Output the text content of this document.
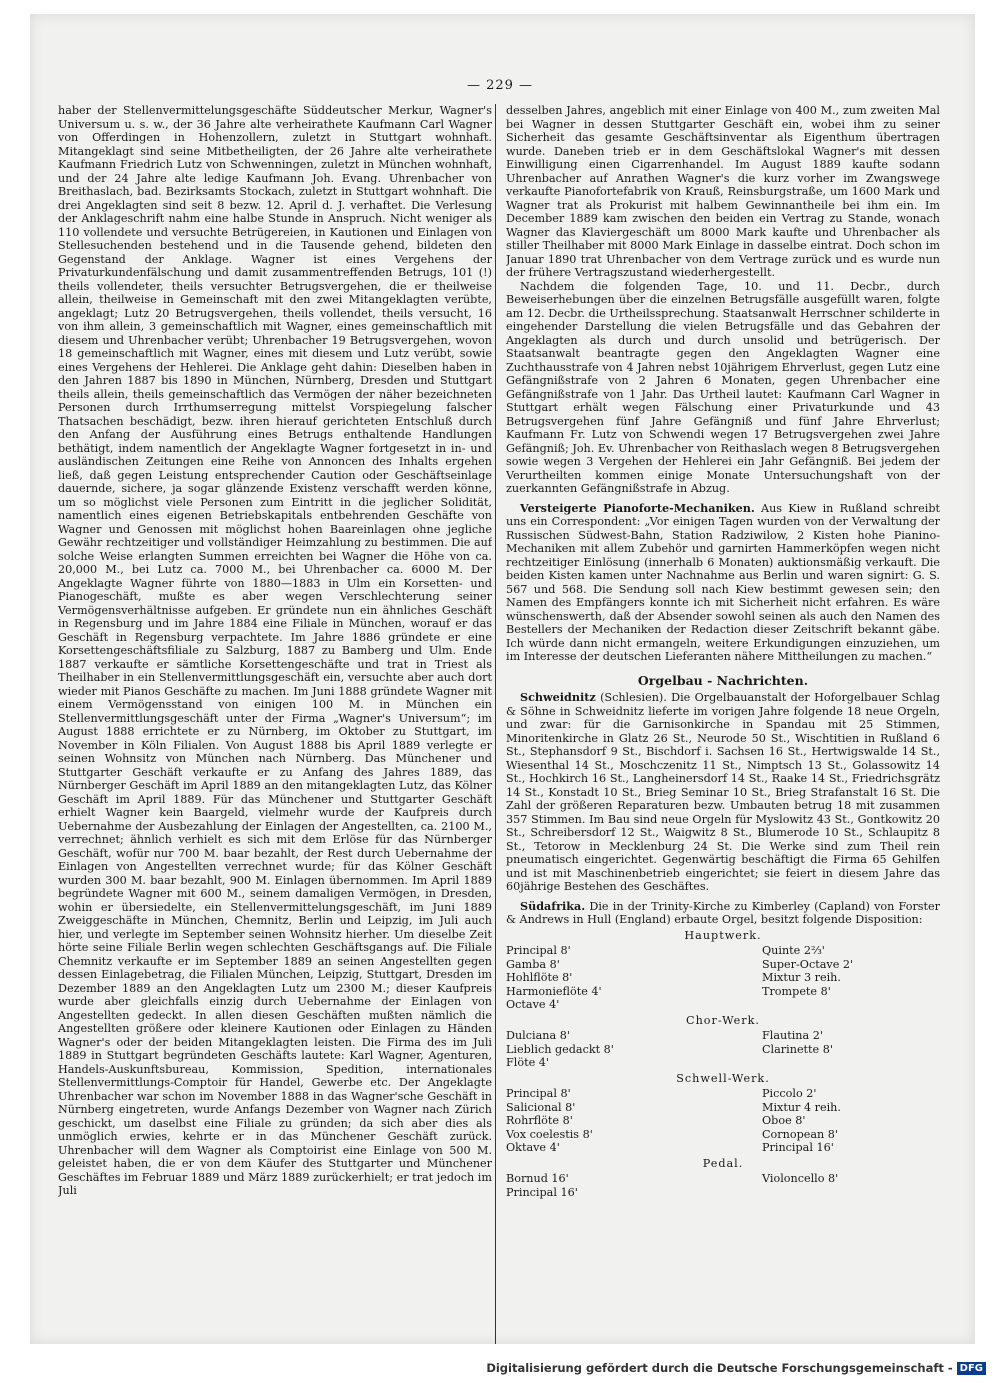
— 229 —

haber der Stellenvermittelungsgeschäfte Süddeutscher Merkur, Wagner's Universum u. s. w., der 36 Jahre alte verheirathete Kaufmann Carl Wagner von Offerdingen in Hohenzollern, zuletzt in Stuttgart wohnhaft. Mitangeklagt sind seine Mitbetheiligten, der 26 Jahre alte verheirathete Kaufmann Friedrich Lutz von Schwenningen, zuletzt in München wohnhaft, und der 24 Jahre alte ledige Kaufmann Joh. Evang. Uhrenbacher von Breithaslach, bad. Bezirksamts Stockach, zuletzt in Stuttgart wohnhaft. Die drei Angeklagten sind seit 8 bezw. 12. April d. J. verhaftet. Die Verlesung der Anklageschrift nahm eine halbe Stunde in Anspruch. Nicht weniger als 110 vollendete und versuchte Betrügereien, in Kautionen und Einlagen von Stellesuchenden bestehend und in die Tausende gehend, bildeten den Gegenstand der Anklage. Wagner ist eines Vergehens der Privaturkundenfälschung und damit zusammentreffenden Betrugs, 101 (!) theils vollendeter, theils versuchter Betrugsvergehen, die er theilweise allein, theilweise in Gemeinschaft mit den zwei Mitangeklagten verübte, angeklagt; Lutz 20 Betrugsvergehen, theils vollendet, theils versucht, 16 von ihm allein, 3 gemeinschaftlich mit Wagner, eines gemeinschaftlich mit diesem und Uhrenbacher verübt; Uhrenbacher 19 Betrugsvergehen, wovon 18 gemeinschaftlich mit Wagner, eines mit diesem und Lutz verübt, sowie eines Vergehens der Hehlerei. Die Anklage geht dahin: Dieselben haben in den Jahren 1887 bis 1890 in München, Nürnberg, Dresden und Stuttgart theils allein, theils gemeinschaftlich das Vermögen der näher bezeichneten Personen durch Irrthumserregung mittelst Vorspiegelung falscher Thatsachen beschädigt, bezw. ihren hierauf gerichteten Entschluß durch den Anfang der Ausführung eines Betrugs enthaltende Handlungen bethätigt, indem namentlich der Angeklagte Wagner fortgesetzt in in- und ausländischen Zeitungen eine Reihe von Annoncen des Inhalts ergehen ließ, daß gegen Leistung entsprechender Caution oder Geschäftseinlage dauernde, sichere, ja sogar glänzende Existenz verschafft werden könne, um so möglichst viele Personen zum Eintritt in die jeglicher Solidität, namentlich eines eigenen Betriebskapitals entbehrenden Geschäfte von Wagner und Genossen mit möglichst hohen Baareinlagen ohne jegliche Gewähr rechtzeitiger und vollständiger Heimzahlung zu bestimmen. Die auf solche Weise erlangten Summen erreichten bei Wagner die Höhe von ca. 20,000 M., bei Lutz ca. 7000 M., bei Uhrenbacher ca. 6000 M. Der Angeklagte Wagner führte von 1880—1883 in Ulm ein Korsetten- und Pianogeschäft, mußte es aber wegen Verschlechterung seiner Vermögensverhältnisse aufgeben. Er gründete nun ein ähnliches Geschäft in Regensburg und im Jahre 1884 eine Filiale in München, worauf er das Geschäft in Regensburg verpachtete. Im Jahre 1886 gründete er eine Korsettengeschäftsfiliale zu Salzburg, 1887 zu Bamberg und Ulm. Ende 1887 verkaufte er sämtliche Korsettengeschäfte und trat in Triest als Theilhaber in ein Stellenvermittlungsgeschäft ein, versuchte aber auch dort wieder mit Pianos Geschäfte zu machen. Im Juni 1888 gründete Wagner mit einem Vermögensstand von einigen 100 M. in München ein Stellenvermittlungsgeschäft unter der Firma „Wagner's Universum“; im August 1888 errichtete er zu Nürnberg, im Oktober zu Stuttgart, im November in Köln Filialen. Von August 1888 bis April 1889 verlegte er seinen Wohnsitz von München nach Nürnberg. Das Münchener und Stuttgarter Geschäft verkaufte er zu Anfang des Jahres 1889, das Nürnberger Geschäft im April 1889 an den mitangeklagten Lutz, das Kölner Geschäft im April 1889. Für das Münchener und Stuttgarter Geschäft erhielt Wagner kein Baargeld, vielmehr wurde der Kaufpreis durch Uebernahme der Ausbezahlung der Einlagen der Angestellten, ca. 2100 M., verrechnet; ähnlich verhielt es sich mit dem Erlöse für das Nürnberger Geschäft, wofür nur 700 M. baar bezahlt, der Rest durch Uebernahme der Einlagen von Angestellten verrechnet wurde; für das Kölner Geschäft wurden 300 M. baar bezahlt, 900 M. Einlagen übernommen. Im April 1889 begründete Wagner mit 600 M., seinem damaligen Vermögen, in Dresden, wohin er übersiedelte, ein Stellenvermittelungsgeschäft, im Juni 1889 Zweiggeschäfte in München, Chemnitz, Berlin und Leipzig, im Juli auch hier, und verlegte im September seinen Wohnsitz hierher. Um dieselbe Zeit hörte seine Filiale Berlin wegen schlechten Geschäftsgangs auf. Die Filiale Chemnitz verkaufte er im September 1889 an seinen Angestellten gegen dessen Einlagebetrag, die Filialen München, Leipzig, Stuttgart, Dresden im Dezember 1889 an den Angeklagten Lutz um 2300 M.; dieser Kaufpreis wurde aber gleichfalls einzig durch Uebernahme der Einlagen von Angestellten gedeckt. In allen diesen Geschäften mußten nämlich die Angestellten größere oder kleinere Kautionen oder Einlagen zu Händen Wagner's oder der beiden Mitangeklagten leisten. Die Firma des im Juli 1889 in Stuttgart begründeten Geschäfts lautete: Karl Wagner, Agenturen, Handels-Auskunftsbureau, Kommission, Spedition, internationales Stellenvermittlungs-Comptoir für Handel, Gewerbe etc. Der Angeklagte Uhrenbacher war schon im November 1888 in das Wagner'sche Geschäft in Nürnberg eingetreten, wurde Anfangs Dezember von Wagner nach Zürich geschickt, um daselbst eine Filiale zu gründen; da sich aber dies als unmöglich erwies, kehrte er in das Münchener Geschäft zurück. Uhrenbacher will dem Wagner als Comptoirist eine Einlage von 500 M. geleistet haben, die er von dem Käufer des Stuttgarter und Münchener Geschäftes im Februar 1889 und März 1889 zurückerhielt; er trat jedoch im Juli

desselben Jahres, angeblich mit einer Einlage von 400 M., zum zweiten Mal bei Wagner in dessen Stuttgarter Geschäft ein, wobei ihm zu seiner Sicherheit das gesamte Geschäftsinventar als Eigenthum übertragen wurde. Daneben trieb er in dem Geschäftslokal Wagner's mit dessen Einwilligung einen Cigarrenhandel. Im August 1889 kaufte sodann Uhrenbacher auf Anrathen Wagner's die kurz vorher im Zwangswege verkaufte Pianofortefabrik von Krauß, Reinsburgstraße, um 1600 Mark und Wagner trat als Prokurist mit halbem Gewinnantheile bei ihm ein. Im December 1889 kam zwischen den beiden ein Vertrag zu Stande, wonach Wagner das Klaviergeschäft um 8000 Mark kaufte und Uhrenbacher als stiller Theilhaber mit 8000 Mark Einlage in dasselbe eintrat. Doch schon im Januar 1890 trat Uhrenbacher von dem Vertrage zurück und es wurde nun der frühere Vertragszustand wiederhergestellt.

Nachdem die folgenden Tage, 10. und 11. Decbr., durch Beweiserhebungen über die einzelnen Betrugsfälle ausgefüllt waren, folgte am 12. Decbr. die Urtheilssprechung. Staatsanwalt Herrschner schilderte in eingehender Darstellung die vielen Betrugsfälle und das Gebahren der Angeklagten als durch und durch unsolid und betrügerisch. Der Staatsanwalt beantragte gegen den Angeklagten Wagner eine Zuchthausstrafe von 4 Jahren nebst 10jährigem Ehrverlust, gegen Lutz eine Gefängnißstrafe von 2 Jahren 6 Monaten, gegen Uhrenbacher eine Gefängnißstrafe von 1 Jahr. Das Urtheil lautet: Kaufmann Carl Wagner in Stuttgart erhält wegen Fälschung einer Privaturkunde und 43 Betrugsvergehen fünf Jahre Gefängniß und fünf Jahre Ehrverlust; Kaufmann Fr. Lutz von Schwendi wegen 17 Betrugsvergehen zwei Jahre Gefängniß; Joh. Ev. Uhrenbacher von Reithaslach wegen 8 Betrugsvergehen sowie wegen 3 Vergehen der Hehlerei ein Jahr Gefängniß. Bei jedem der Verurtheilten kommen einige Monate Untersuchungshaft von der zuerkannten Gefängnißstrafe in Abzug.

Versteigerte Pianoforte-Mechaniken. Aus Kiew in Rußland schreibt uns ein Correspondent: „Vor einigen Tagen wurden von der Verwaltung der Russischen Südwest-Bahn, Station Radziwilow, 2 Kisten hohe Pianino-Mechaniken mit allem Zubehör und garnirten Hammerköpfen wegen nicht rechtzeitiger Einlösung (innerhalb 6 Monaten) auktionsmäßig verkauft. Die beiden Kisten kamen unter Nachnahme aus Berlin und waren signirt: G. S. 567 und 568. Die Sendung soll nach Kiew bestimmt gewesen sein; den Namen des Empfängers konnte ich mit Sicherheit nicht erfahren. Es wäre wünschenswerth, daß der Absender sowohl seinen als auch den Namen des Bestellers der Mechaniken der Redaction dieser Zeitschrift bekannt gäbe. Ich würde dann nicht ermangeln, weitere Erkundigungen einzuziehen, um im Interesse der deutschen Lieferanten nähere Mittheilungen zu machen.“

Orgelbau - Nachrichten.

Schweidnitz (Schlesien). Die Orgelbauanstalt der Hoforgelbauer Schlag & Söhne in Schweidnitz lieferte im vorigen Jahre folgende 18 neue Orgeln, und zwar: für die Garnisonkirche in Spandau mit 25 Stimmen, Minoritenkirche in Glatz 26 St., Neurode 50 St., Wischtitien in Rußland 6 St., Stephansdorf 9 St., Bischdorf i. Sachsen 16 St., Hertwigswalde 14 St., Wiesenthal 14 St., Moschczenitz 11 St., Nimptsch 13 St., Golassowitz 14 St., Hochkirch 16 St., Langheinersdorf 14 St., Raake 14 St., Friedrichsgrätz 14 St., Konstadt 10 St., Brieg Seminar 10 St., Brieg Strafanstalt 16 St. Die Zahl der größeren Reparaturen bezw. Umbauten betrug 18 mit zusammen 357 Stimmen. Im Bau sind neue Orgeln für Myslowitz 43 St., Gontkowitz 20 St., Schreibersdorf 12 St., Waigwitz 8 St., Blumerode 10 St., Schlaupitz 8 St., Tetorow in Mecklenburg 24 St. Die Werke sind zum Theil rein pneumatisch eingerichtet. Gegenwärtig beschäftigt die Firma 65 Gehilfen und ist mit Maschinenbetrieb eingerichtet; sie feiert in diesem Jahre das 60jährige Bestehen des Geschäftes.

Südafrika. Die in der Trinity-Kirche zu Kimberley (Capland) von Forster & Andrews in Hull (England) erbaute Orgel, besitzt folgende Disposition:

Hauptwerk.
Principal 8'
Gamba 8'
Hohlflöte 8'
Harmonieflöte 4'
Octave 4'
Quinte 2⅔'
Super-Octave 2'
Mixtur 3 reih.
Trompete 8'
Chor-Werk.
Dulciana 8'
Lieblich gedackt 8'
Flöte 4'
Flautina 2'
Clarinette 8'
Schwell-Werk.
Principal 8'
Salicional 8'
Rohrflöte 8'
Vox coelestis 8'
Oktave 4'
Piccolo 2'
Mixtur 4 reih.
Oboe 8'
Cornopean 8'
Principal 16'
Pedal.
Bornud 16'
Principal 16'
Violoncello 8'
Digitalisierung gefördert durch die Deutsche Forschungsgemeinschaft - DFG
